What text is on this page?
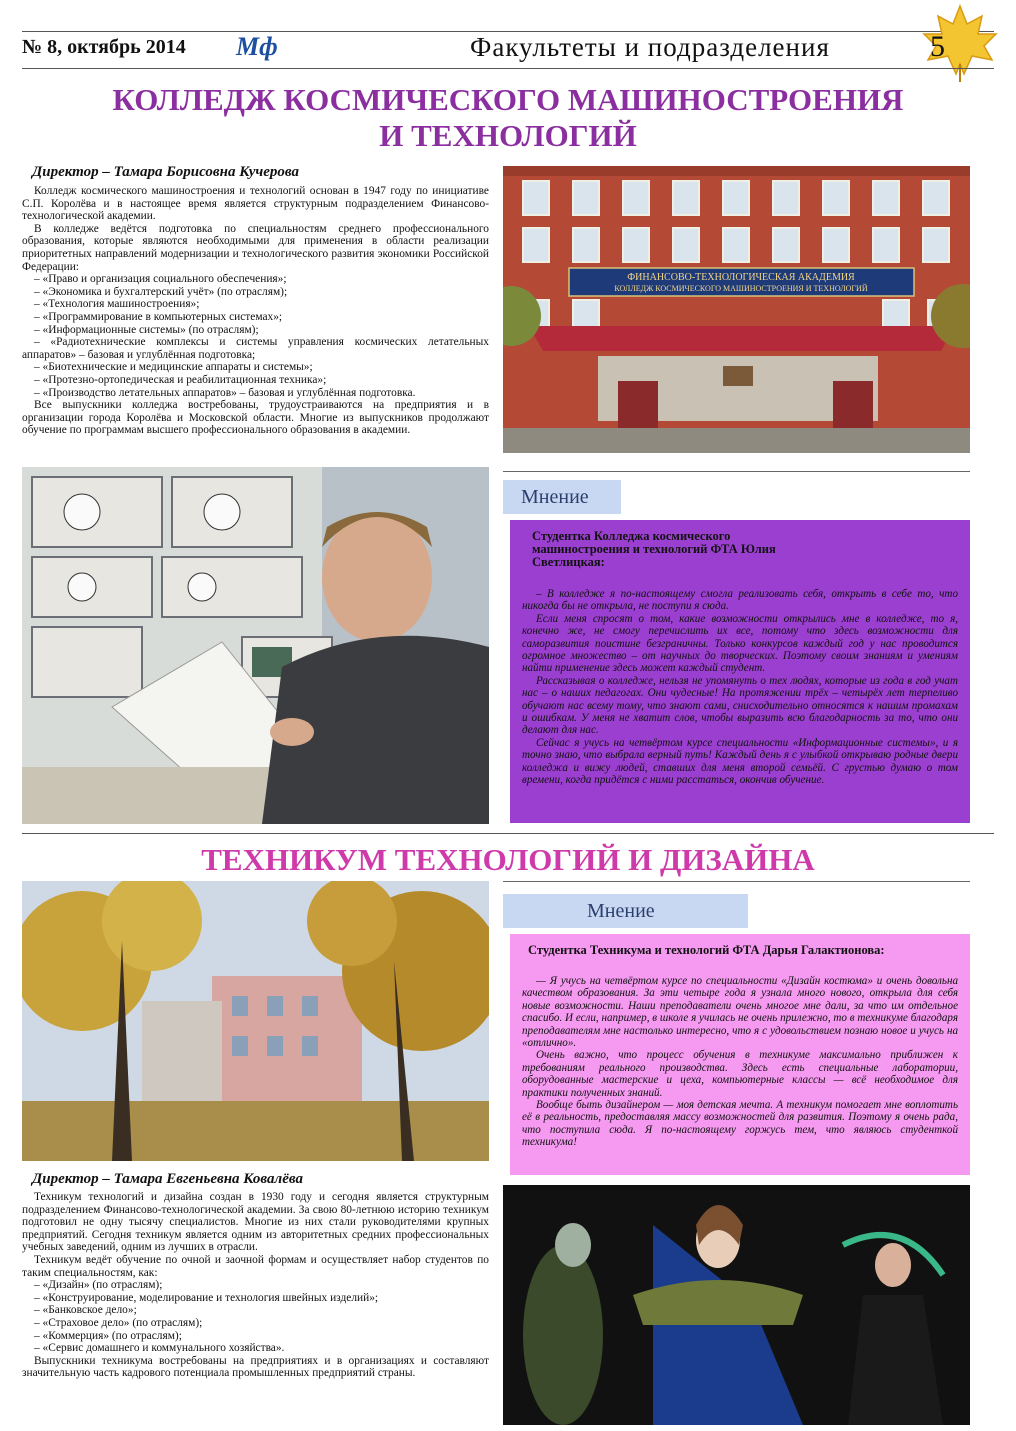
№ 8, октябрь 2014 Мф	Факультеты и подразделения	5
КОЛЛЕДЖ КОСМИЧЕСКОГО МАШИНОСТРОЕНИЯ
И ТЕХНОЛОГИЙ
Директор – Тамара Борисовна Кучерова

Колледж космического машиностроения и технологий основан в 1947 году по инициативе С.П. Королёва и в настоящее время является структурным подразделением Финансово-технологической академии.

В колледже ведётся подготовка по специальностям среднего профессионального образования, которые являются необходимыми для применения в области реализации приоритетных направлений модернизации и технологического развития экономики Российской Федерации:

– «Право и организация социального обеспечения»;

– «Экономика и бухгалтерский учёт» (по отраслям);

– «Технология машиностроения»;

– «Программирование в компьютерных системах»;

– «Информационные системы» (по отраслям);

– «Радиотехнические комплексы и системы управления космических летательных аппаратов» – базовая и углублённая подготовка;

– «Биотехнические и медицинские аппараты и системы»;

– «Протезно-ортопедическая и реабилитационная техника»;

– «Производство летательных аппаратов» – базовая и углублённая подготовка.

Все выпускники колледжа востребованы, трудоустраиваются на предприятия и в организации города Королёва и Московской области. Многие из выпускников продолжают обучение по программам высшего профессионального образования в академии.

ФИНАНСОВО-ТЕХНОЛОГИЧЕСКАЯ АКАДЕМИЯ
КОЛЛЕДЖ КОСМИЧЕСКОГО МАШИНОСТРОЕНИЯ И ТЕХНОЛОГИЙ
Мнение
Студентка Колледжа космического машиностроения и технологий ФТА Юлия Светлицкая:

– В колледже я по-настоящему смогла реализовать себя, открыть в себе то, что никогда бы не открыла, не поступи я сюда.

Если меня спросят о том, какие возможности открылись мне в колледже, то я, конечно же, не смогу перечислить их все, потому что здесь возможности для саморазвития поистине безграничны. Только конкурсов каждый год у нас проводится огромное множество – от научных до творческих. Поэтому своим знаниям и умениям найти применение здесь может каждый студент.

Рассказывая о колледже, нельзя не упомянуть о тех людях, которые из года в год учат нас – о наших педагогах. Они чудесные! На протяжении трёх – четырёх лет терпеливо обучают нас всему тому, что знают сами, снисходительно относятся к нашим промахам и ошибкам. У меня не хватит слов, чтобы выразить всю благодарность за то, что они делают для нас.

Сейчас я учусь на четвёртом курсе специальности «Информационные системы», и я точно знаю, что выбрала верный путь! Каждый день я с улыбкой открываю родные двери колледжа и вижу людей, ставших для меня второй семьёй. С грустью думаю о том времени, когда придётся с ними расстаться, окончив обучение.

ТЕХНИКУМ ТЕХНОЛОГИЙ И ДИЗАЙНА
Директор – Тамара Евгеньевна Ковалёва

Техникум технологий и дизайна создан в 1930 году и сегодня является структурным подразделением Финансово-технологической академии. За свою 80-летнюю историю техникум подготовил не одну тысячу специалистов. Многие из них стали руководителями крупных предприятий. Сегодня техникум является одним из авторитетных средних профессиональных учебных заведений, одним из лучших в отрасли.

Техникум ведёт обучение по очной и заочной формам и осуществляет набор студентов по таким специальностям, как:

– «Дизайн» (по отраслям);

– «Конструирование, моделирование и технология швейных изделий»;

– «Банковское дело»;

– «Страховое дело» (по отраслям);

– «Коммерция» (по отраслям);

– «Сервис домашнего и коммунального хозяйства».

Выпускники техникума востребованы на предприятиях и в организациях и составляют значительную часть кадрового потенциала промышленных предприятий страны.

Мнение
Студентка Техникума и технологий ФТА Дарья Галактионова:

— Я учусь на четвёртом курсе по специальности «Дизайн костюма» и очень довольна качеством образования. За эти четыре года я узнала много нового, открыла для себя новые возможности. Наши преподаватели очень многое мне дали, за что им отдельное спасибо. И если, например, в школе я училась не очень прилежно, то в техникуме благодаря преподавателям мне настолько интересно, что я с удовольствием познаю новое и учусь на «отлично».

Очень важно, что процесс обучения в техникуме максимально приближен к требованиям реального производства. Здесь есть специальные лаборатории, оборудованные мастерские и цеха, компьютерные классы — всё необходимое для практики полученных знаний.

Вообще быть дизайнером — моя детская мечта. А техникум помогает мне воплотить её в реальность, предоставляя массу возможностей для развития. Поэтому я очень рада, что поступила сюда. Я по-настоящему горжусь тем, что являюсь студенткой техникума!
